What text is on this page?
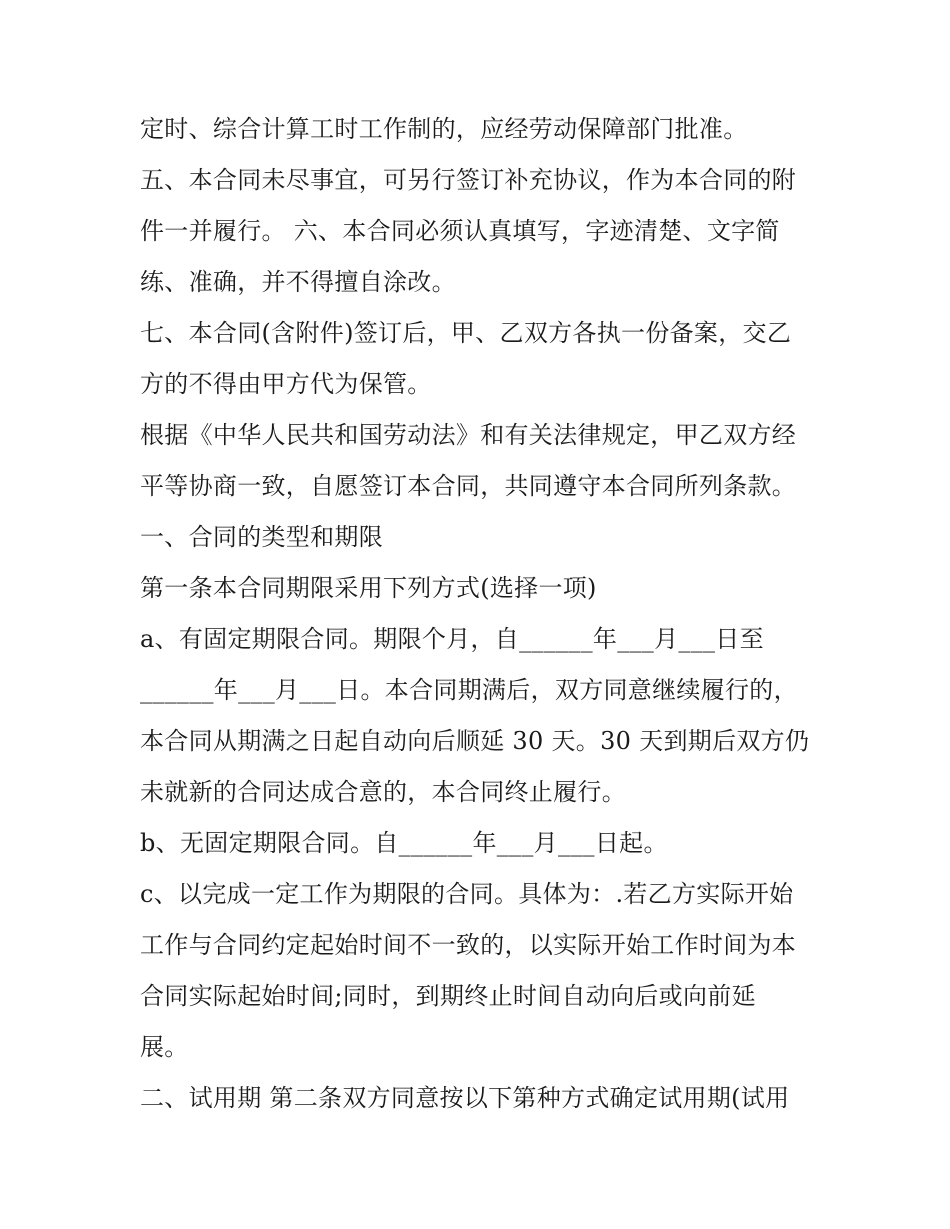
定时、综合计算工时工作制的，应经劳动保障部门批准。
五、本合同未尽事宜，可另行签订补充协议，作为本合同的附
件一并履行。 六、本合同必须认真填写，字迹清楚、文字简
练、准确，并不得擅自涂改。
七、本合同(含附件)签订后，甲、乙双方各执一份备案，交乙
方的不得由甲方代为保管。
根据《中华人民共和国劳动法》和有关法律规定，甲乙双方经
平等协商一致，自愿签订本合同，共同遵守本合同所列条款。
一、合同的类型和期限
第一条本合同期限采用下列方式(选择一项)
a、有固定期限合同。期限个月，自______年___月___日至
______年___月___日。本合同期满后，双方同意继续履行的，
本合同从期满之日起自动向后顺延 30 天。30 天到期后双方仍
未就新的合同达成合意的，本合同终止履行。
b、无固定期限合同。自______年___月___日起。
c、以完成一定工作为期限的合同。具体为：.若乙方实际开始
工作与合同约定起始时间不一致的，以实际开始工作时间为本
合同实际起始时间;同时，到期终止时间自动向后或向前延
展。
二、试用期 第二条双方同意按以下第种方式确定试用期(试用
